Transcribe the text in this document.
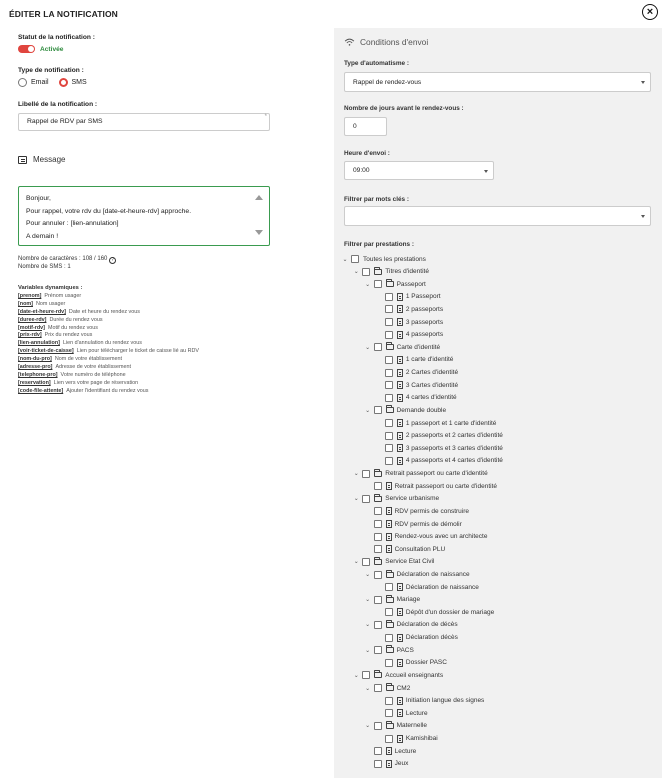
ÉDITER LA NOTIFICATION	×
Statut de la notification :
Activée
Type de notification :
Email	SMS
Libellé de la notification :
Rappel de RDV par SMS
*
Message
Bonjour,
Pour rappel, votre rdv du [date-et-heure-rdv] approche.
Pour annuler : [lien-annulation]
A demain !
Nombre de caractères : 108 / 160 ?
Nombre de SMS : 1
Variables dynamiques :
[prenom] Prénom usager
[nom] Nom usager
[date-et-heure-rdv] Date et heure du rendez vous
[duree-rdv] Durée du rendez vous
[motif-rdv] Motif du rendez vous
[prix-rdv] Prix du rendez vous
[lien-annulation] Lien d'annulation du rendez vous
[voir-ticket-de-caisse] Lien pour télécharger le ticket de caisse lié au RDV
[nom-du-pro] Nom de votre établissement
[adresse-pro] Adresse de votre établissement
[telephone-pro] Votre numéro de téléphone
[reservation] Lien vers votre page de réservation
[code-file-attente] Ajouter l'identifiant du rendez vous
Conditions d'envoi
Type d'automatisme :
Rappel de rendez-vous
Nombre de jours avant le rendez-vous :
0
Heure d'envoi :
09:00
Filtrer par mots clés :
Filtrer par prestations :
⌄ Toutes les prestations
⌄	Titres d'identité
⌄	Passeport
1 Passeport
2 passeports
3 passeports
4 passeports
⌄	Carte d'identité
1 carte d'identité
2 Cartes d'identité
3 Cartes d'identité
4 cartes d'identité
⌄	Demande double
1 passeport et 1 carte d'identité
2 passeports et 2 cartes d'identité
3 passeports et 3 cartes d'identité
4 passeports et 4 cartes d'identité
⌄	Retrait passeport ou carte d'identité
Retrait passeport ou carte d'identité
⌄	Service urbanisme
RDV permis de construire
RDV permis de démolir
Rendez-vous avec un architecte
Consultation PLU
⌄	Service Etat Civil
⌄	Déclaration de naissance
Déclaration de naissance
⌄	Mariage
Dépôt d'un dossier de mariage
⌄	Déclaration de décès
Déclaration décès
⌄	PACS
Dossier PASC
⌄	Accueil enseignants
⌄	CM2
Initiation langue des signes
Lecture
⌄	Maternelle
Kamishibai
Lecture
Jeux
